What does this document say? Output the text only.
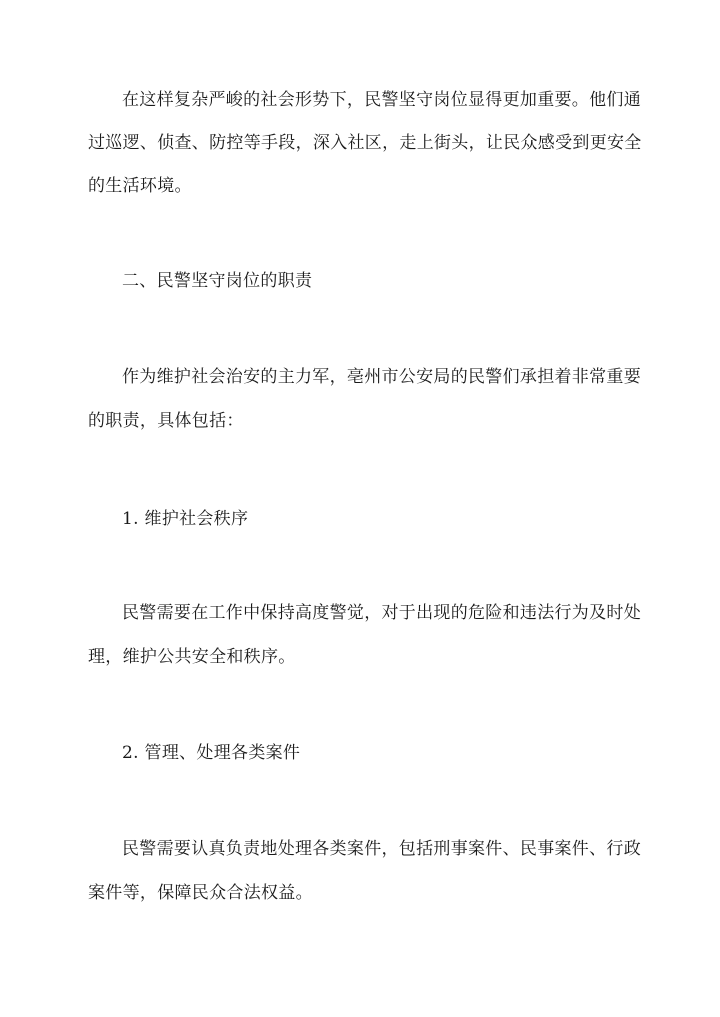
在这样复杂严峻的社会形势下，民警坚守岗位显得更加重要。他们通
过巡逻、侦查、防控等手段，深入社区，走上街头，让民众感受到更安全
的生活环境。
二、民警坚守岗位的职责
作为维护社会治安的主力军，亳州市公安局的民警们承担着非常重要
的职责，具体包括：
1. 维护社会秩序
民警需要在工作中保持高度警觉，对于出现的危险和违法行为及时处
理，维护公共安全和秩序。
2. 管理、处理各类案件
民警需要认真负责地处理各类案件，包括刑事案件、民事案件、行政
案件等，保障民众合法权益。
